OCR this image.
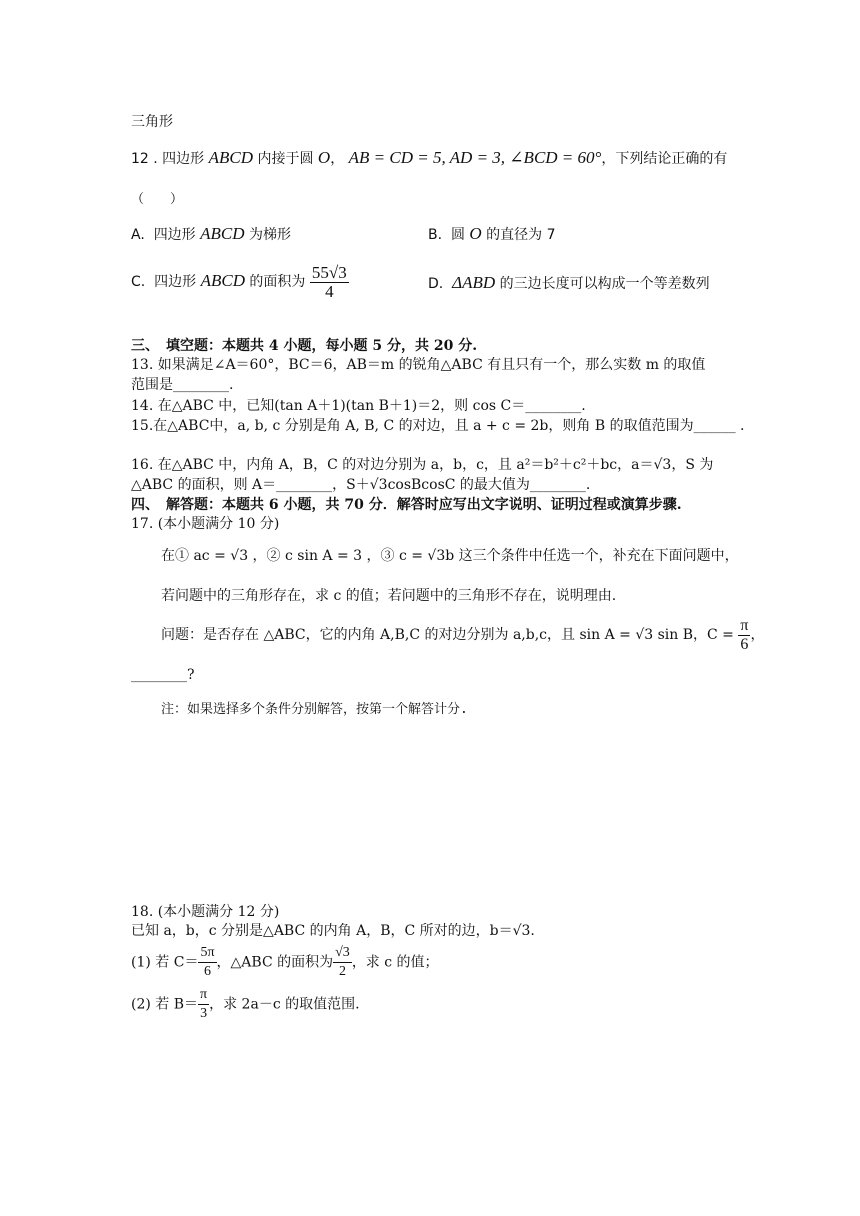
三角形
12 . 四边形 ABCD 内接于圆 O， AB = CD = 5, AD = 3, ∠BCD = 60°，下列结论正确的有
（　　）
A. 四边形 ABCD 为梯形	B. 圆 O 的直径为 7
C. 四边形 ABCD 的面积为 $\frac{55√3}{4}$	D. ΔABD 的三边长度可以构成一个等差数列
三、　填空题：本题共 4 小题，每小题 5 分，共 20 分.
13. 如果满足∠A＝60°，BC＝6，AB＝m 的锐角△ABC 有且只有一个，那么实数 m 的取值
范围是________.
14. 在△ABC 中，已知(tan A＋1)(tan B＋1)＝2，则 cos C＝________.
15.在△ABC中，a, b, c 分别是角 A, B, C 的对边，且 a + c = 2b，则角 B 的取值范围为______ .
16. 在△ABC 中，内角 A，B，C 的对边分别为 a，b，c，且 a²＝b²＋c²＋bc，a＝√3，S 为
△ABC 的面积，则 A＝________，S＋√3cosBcosC 的最大值为________.
四、　解答题：本题共 6 小题，共 70 分．解答时应写出文字说明、证明过程或演算步骤.
17. (本小题满分 10 分)
在① ac = √3 ，② c sin A = 3 ，③ c = √3b 这三个条件中任选一个，补充在下面问题中，
若问题中的三角形存在，求 c 的值；若问题中的三角形不存在，说明理由.
问题：是否存在 △ABC，它的内角 A,B,C 的对边分别为 a,b,c，且 sin A = √3 sin B，$C = \frac{\pi}{6}$ ，
________?
注：如果选择多个条件分别解答，按第一个解答计分.
18. (本小题满分 12 分)
已知 a，b，c 分别是△ABC 的内角 A，B，C 所对的边，b＝√3.
(1) 若 $C= \frac{5\pi}{6}$ ，△ABC 的面积为 $\frac{√3}{2}$ ，求 c 的值；
(2) 若 $B= \frac{\pi}{3}$ ，求 2a－c 的取值范围.
